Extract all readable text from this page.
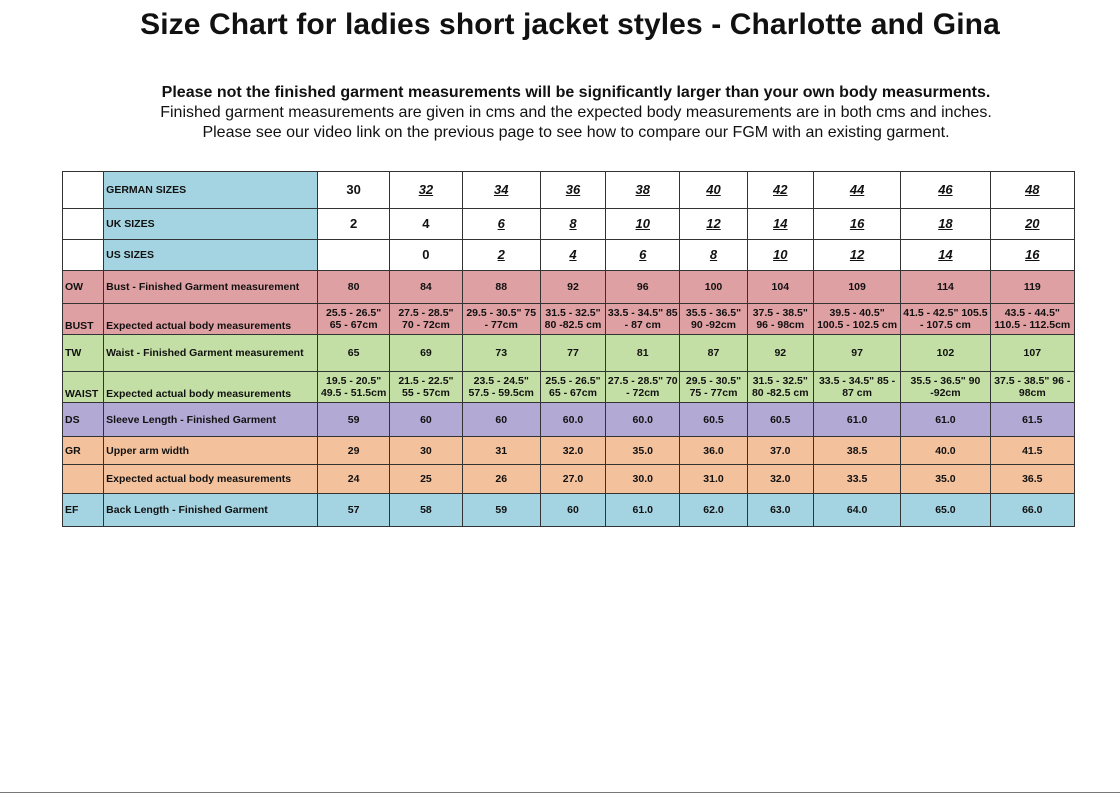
Size Chart for ladies short jacket styles - Charlotte and Gina
Please not the finished garment measurements will be significantly larger than your own body measurments.
Finished garment measurements are given in cms and the expected body measurements are in both cms and inches.
Please see our video link on the previous page to see how to compare our FGM with an existing garment.
	GERMAN SIZES	30	32	34	36	38	40	42	44	46	48
	UK SIZES	2	4	6	8	10	12	14	16	18	20
	US SIZES		0	2	4	6	8	10	12	14	16
OW	Bust - Finished Garment measurement	80	84	88	92	96	100	104	109	114	119
BUST	Expected actual body measurements	25.5 - 26.5" 65 - 67cm	27.5 - 28.5" 70 - 72cm	29.5 - 30.5" 75 - 77cm	31.5 - 32.5" 80 -82.5 cm	33.5 - 34.5" 85 - 87 cm	35.5 - 36.5" 90 -92cm	37.5 - 38.5" 96 - 98cm	39.5 - 40.5" 100.5 - 102.5 cm	41.5 - 42.5" 105.5 - 107.5 cm	43.5 - 44.5" 110.5 - 112.5cm
TW	Waist - Finished Garment measurement	65	69	73	77	81	87	92	97	102	107
WAIST	Expected actual body measurements	19.5 - 20.5" 49.5 - 51.5cm	21.5 - 22.5" 55 - 57cm	23.5 - 24.5" 57.5 - 59.5cm	25.5 - 26.5" 65 - 67cm	27.5 - 28.5" 70 - 72cm	29.5 - 30.5" 75 - 77cm	31.5 - 32.5" 80 -82.5 cm	33.5 - 34.5" 85 - 87 cm	35.5 - 36.5" 90 -92cm	37.5 - 38.5" 96 - 98cm
DS	Sleeve Length - Finished Garment	59	60	60	60.0	60.0	60.5	60.5	61.0	61.0	61.5
GR	Upper arm width	29	30	31	32.0	35.0	36.0	37.0	38.5	40.0	41.5
	Expected actual body measurements	24	25	26	27.0	30.0	31.0	32.0	33.5	35.0	36.5
EF	Back Length - Finished Garment	57	58	59	60	61.0	62.0	63.0	64.0	65.0	66.0
